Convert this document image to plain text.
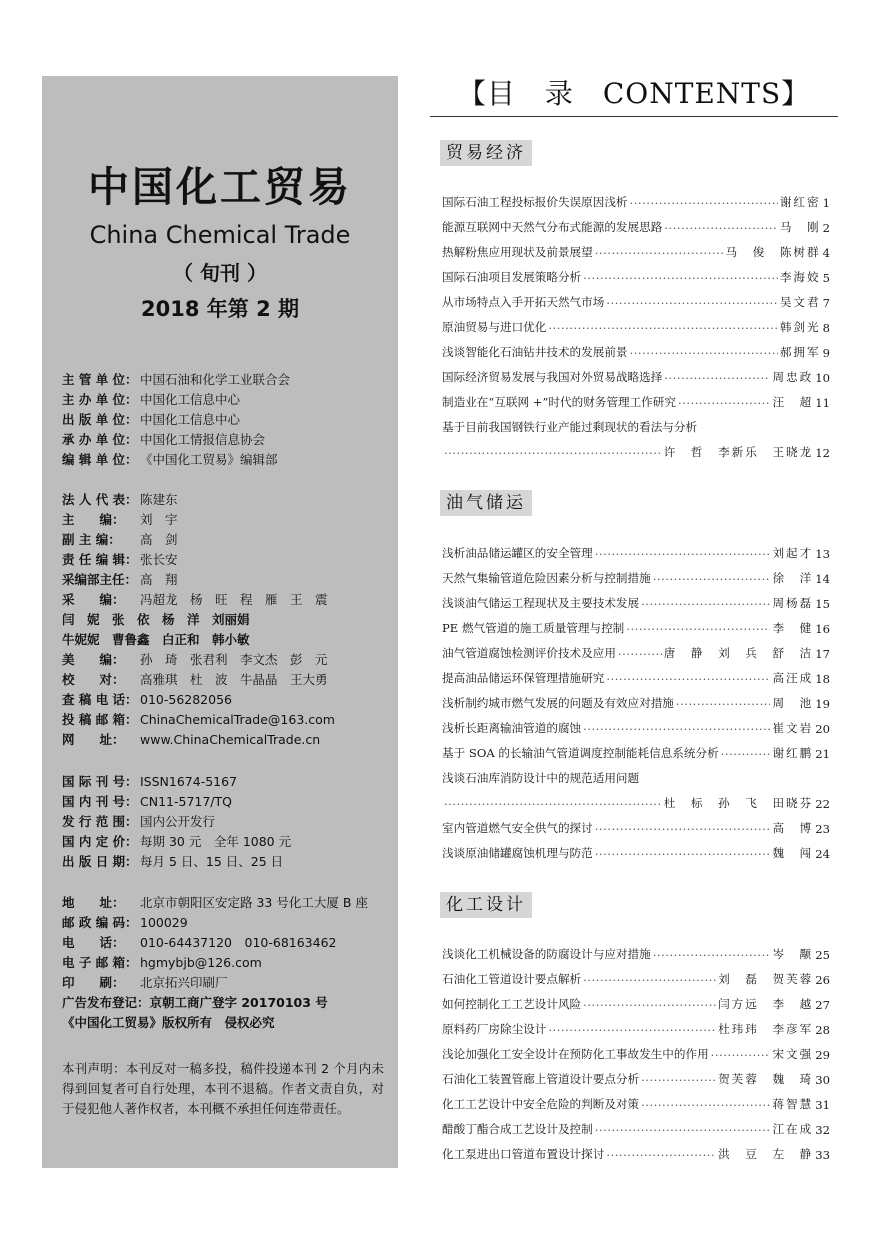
中国化工贸易
China Chemical Trade
（ 旬刊 ）
2018 年第 2 期
主 管 单 位： 中国石油和化学工业联合会
主 办 单 位： 中国化工信息中心
出 版 单 位： 中国化工信息中心
承 办 单 位： 中国化工情报信息协会
编 辑 单 位： 《中国化工贸易》编辑部
法 人 代 表： 陈建东
主　　编：	刘　宇
副 主 编：	高　剑
责 任 编 辑： 张长安
采编部主任： 高　翔
采　　编：	冯超龙　杨　旺　程　雁　王　震
闫　妮　张　依　杨　洋　刘丽娟
牛妮妮　曹鲁鑫　白正和　韩小敏
美　　编：	孙　琦　张君利　李文杰　彭　元
校　　对：	高雅琪　杜　波　牛晶晶　王大勇
查 稿 电 话： 010-56282056
投 稿 邮 箱： ChinaChemicalTrade@163.com
网　　址：	www.ChinaChemicalTrade.cn
国 际 刊 号： ISSN1674-5167
国 内 刊 号： CN11-5717/TQ
发 行 范 围： 国内公开发行
国 内 定 价： 每期 30 元　全年 1080 元
出 版 日 期： 每月 5 日、15 日、25 日
地　　址：	北京市朝阳区安定路 33 号化工大厦 B 座
邮 政 编 码： 100029
电　　话：	010-64437120　010-68163462
电 子 邮 箱： hgmybjb@126.com
印　　刷：	北京拓兴印刷厂
广告发布登记：京朝工商广登字 20170103 号
《中国化工贸易》版权所有　侵权必究
本刊声明：本刊反对一稿多投，稿件投递本刊 2 个月内未得到回复者可自行处理，本刊不退稿。作者文责自负，对于侵犯他人著作权者，本刊概不承担任何连带责任。
【目　录　CONTENTS】
贸易经济
国际石油工程投标报价失误原因浅析 ·····	谢红密 1
能源互联网中天然气分布式能源的发展思路 ·····	马　刚 2
热解粉焦应用现状及前景展望 ·····	马　俊　陈树群 4
国际石油项目发展策略分析 ·····	李海姣 5
从市场特点入手开拓天然气市场 ·····	吴文君 7
原油贸易与进口优化 ·····	韩剑光 8
浅谈智能化石油钻井技术的发展前景 ·····	郝拥军 9
国际经济贸易发展与我国对外贸易战略选择 ·····	周忠政 10
制造业在“互联网 +”时代的财务管理工作研究 ·····	汪　超 11
基于目前我国钢铁行业产能过剩现状的看法与分析
·····
许　哲　李新乐　王晓龙 12
油气储运
浅析油品储运罐区的安全管理 ·····	刘起才 13
天然气集输管道危险因素分析与控制措施 ·····	徐　洋 14
浅谈油气储运工程现状及主要技术发展 ·····	周杨磊 15
PE 燃气管道的施工质量管理与控制 ·····	李　健 16
油气管道腐蚀检测评价技术及应用 ·····	唐　静　刘　兵　舒　洁 17
提高油品储运环保管理措施研究 ·····	高汪成 18
浅析制约城市燃气发展的问题及有效应对措施 ·····	周　池 19
浅析长距离输油管道的腐蚀 ·····	崔文岩 20
基于 SOA 的长输油气管道调度控制能耗信息系统分析 ·····	谢红鹏 21
浅谈石油库消防设计中的规范适用问题
·····
杜　标　孙　飞　田晓芬 22
室内管道燃气安全供气的探讨 ·····	高　博 23
浅谈原油储罐腐蚀机理与防范 ·····	魏　闯 24
化工设计
浅谈化工机械设备的防腐设计与应对措施 ·····	岑　颙 25
石油化工管道设计要点解析 ·····	刘　磊　贺芙蓉 26
如何控制化工工艺设计风险 ·····	闫方远　李　越 27
原料药厂房除尘设计 ·····	杜玮玮　李彦军 28
浅论加强化工安全设计在预防化工事故发生中的作用 ·····	宋文强 29
石油化工装置管廊上管道设计要点分析 ·····	贺芙蓉　魏　琦 30
化工工艺设计中安全危险的判断及对策 ·····	蒋智慧 31
醋酸丁酯合成工艺设计及控制 ·····	江在成 32
化工泵进出口管道布置设计探讨 ·····	洪　豆　左　静 33
